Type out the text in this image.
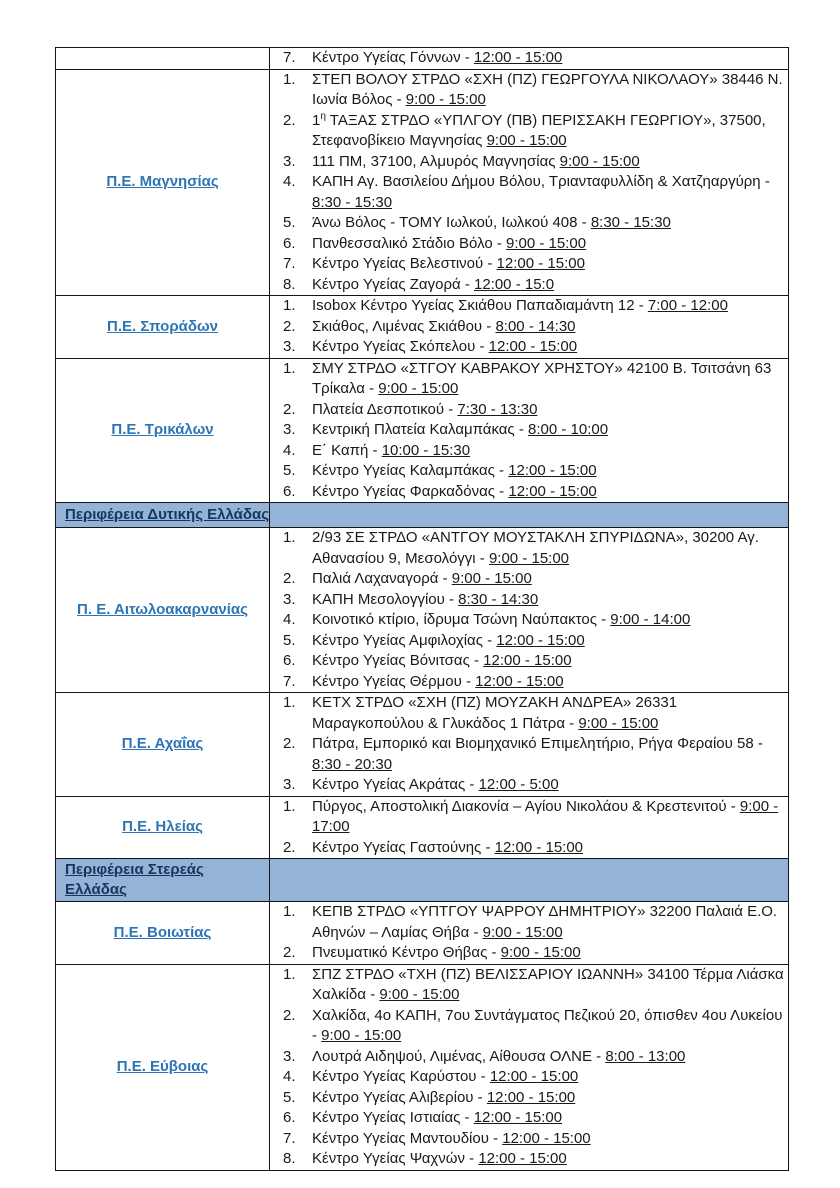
	7. Κέντρο Υγείας Γόννων - 12:00 - 15:00

Π.Ε. Μαγνησίας	
1.	ΣΤΕΠ ΒΟΛΟΥ ΣΤΡΔΟ «ΣΧΗ (ΠΖ) ΓΕΩΡΓΟΥΛΑ ΝΙΚΟΛΑΟΥ» 38446 Ν. Ιωνία Βόλος - 9:00 - 15:00
2.	$1^\eta$ ΤΑΞΑΣ ΣΤΡΔΟ «ΥΠΛΓΟΥ (ΠΒ) ΠΕΡΙΣΣΑΚΗ ΓΕΩΡΓΙΟΥ», 37500, Στεφανοβίκειο Μαγνησίας 9:00 - 15:00
3.	111 ΠΜ, 37100, Αλμυρός Μαγνησίας 9:00 - 15:00
4.	ΚΑΠΗ Αγ. Βασιλείου Δήμου Βόλου, Τριανταφυλλίδη & Χατζηαργύρη - 8:30 - 15:30
5.	Άνω Βόλος - ΤΟΜΥ Ιωλκού, Ιωλκού 408 - 8:30 - 15:30
6.	Πανθεσσαλικό Στάδιο Βόλο - 9:00 - 15:00
7.	Κέντρο Υγείας Βελεστινού - 12:00 - 15:00
8.	Κέντρο Υγείας Ζαγορά - 12:00 - 15:0

Π.Ε. Σποράδων	
1.	Isobox Κέντρο Υγείας Σκιάθου Παπαδιαμάντη 12 - 7:00 - 12:00
2.	Σκιάθος, Λιμένας Σκιάθου - 8:00 - 14:30
3.	Κέντρο Υγείας Σκόπελου - 12:00 - 15:00

Π.Ε. Τρικάλων	
1.	ΣΜΥ ΣΤΡΔΟ «ΣΤΓΟΥ ΚΑΒΡΑΚΟΥ ΧΡΗΣΤΟΥ» 42100 Β. Τσιτσάνη 63 Τρίκαλα - 9:00 - 15:00
2.	Πλατεία Δεσποτικού - 7:30 - 13:30
3.	Κεντρική Πλατεία Καλαμπάκας - 8:00 - 10:00
4.	Ε΄ Καπή - 10:00 - 15:30
5.	Κέντρο Υγείας Καλαμπάκας - 12:00 - 15:00
6.	Κέντρο Υγείας Φαρκαδόνας - 12:00 - 15:00

Περιφέρεια Δυτικής Ελλάδας	

Π. Ε. Αιτωλοακαρνανίας	
1.	2/93 ΣΕ ΣΤΡΔΟ «ΑΝΤΓΟΥ ΜΟΥΣΤΑΚΛΗ ΣΠΥΡΙΔΩΝΑ», 30200 Αγ. Αθανασίου 9, Μεσολόγγι - 9:00 - 15:00
2.	Παλιά Λαχαναγορά - 9:00 - 15:00
3.	ΚΑΠΗ Μεσολογγίου - 8:30 - 14:30
4.	Κοινοτικό κτίριο, ίδρυμα Τσώνη Ναύπακτος - 9:00 - 14:00
5.	Κέντρο Υγείας Αμφιλοχίας - 12:00 - 15:00
6.	Κέντρο Υγείας Βόνιτσας - 12:00 - 15:00
7.	Κέντρο Υγείας Θέρμου - 12:00 - 15:00

Π.Ε. Αχαΐας	
1.	ΚΕΤΧ ΣΤΡΔΟ «ΣΧΗ (ΠΖ) ΜΟΥΖΑΚΗ ΑΝΔΡΕΑ» 26331 Μαραγκοπούλου & Γλυκάδος 1 Πάτρα - 9:00 - 15:00
2.	Πάτρα, Εμπορικό και Βιομηχανικό Επιμελητήριο, Ρήγα Φεραίου 58 - 8:30 - 20:30
3.	Κέντρο Υγείας Ακράτας - 12:00 - 5:00

Π.Ε. Ηλείας	1. Πύργος, Αποστολική Διακονία – Αγίου Νικολάου & Κρεστενιτού - 9:00 - 17:00
2. Κέντρο Υγείας Γαστούνης - 12:00 - 15:00

Περιφέρεια Στερεάς Ελλάδας	

Π.Ε. Βοιωτίας	1. ΚΕΠΒ ΣΤΡΔΟ «ΥΠΤΓΟΥ ΨΑΡΡΟΥ ΔΗΜΗΤΡΙΟΥ» 32200 Παλαιά Ε.Ο. Αθηνών – Λαμίας Θήβα - 9:00 - 15:00
2. Πνευματικό Κέντρο Θήβας - 9:00 - 15:00

Π.Ε. Εύβοιας	
1.	ΣΠΖ ΣΤΡΔΟ «ΤΧΗ (ΠΖ) ΒΕΛΙΣΣΑΡΙΟΥ ΙΩΑΝΝΗ» 34100 Τέρμα Λιάσκα Χαλκίδα - 9:00 - 15:00
2.	Χαλκίδα, 4ο ΚΑΠΗ, 7ου Συντάγματος Πεζικού 20, όπισθεν 4ου Λυκείου - 9:00 - 15:00
3.	Λουτρά Αιδηψού, Λιμένας, Αίθουσα ΟΛΝΕ - 8:00 - 13:00
4.	Κέντρο Υγείας Καρύστου - 12:00 - 15:00
5.	Κέντρο Υγείας Αλιβερίου - 12:00 - 15:00
6.	Κέντρο Υγείας Ιστιαίας - 12:00 - 15:00
7.	Κέντρο Υγείας Μαντουδίου - 12:00 - 15:00
8.	Κέντρο Υγείας Ψαχνών - 12:00 - 15:00
